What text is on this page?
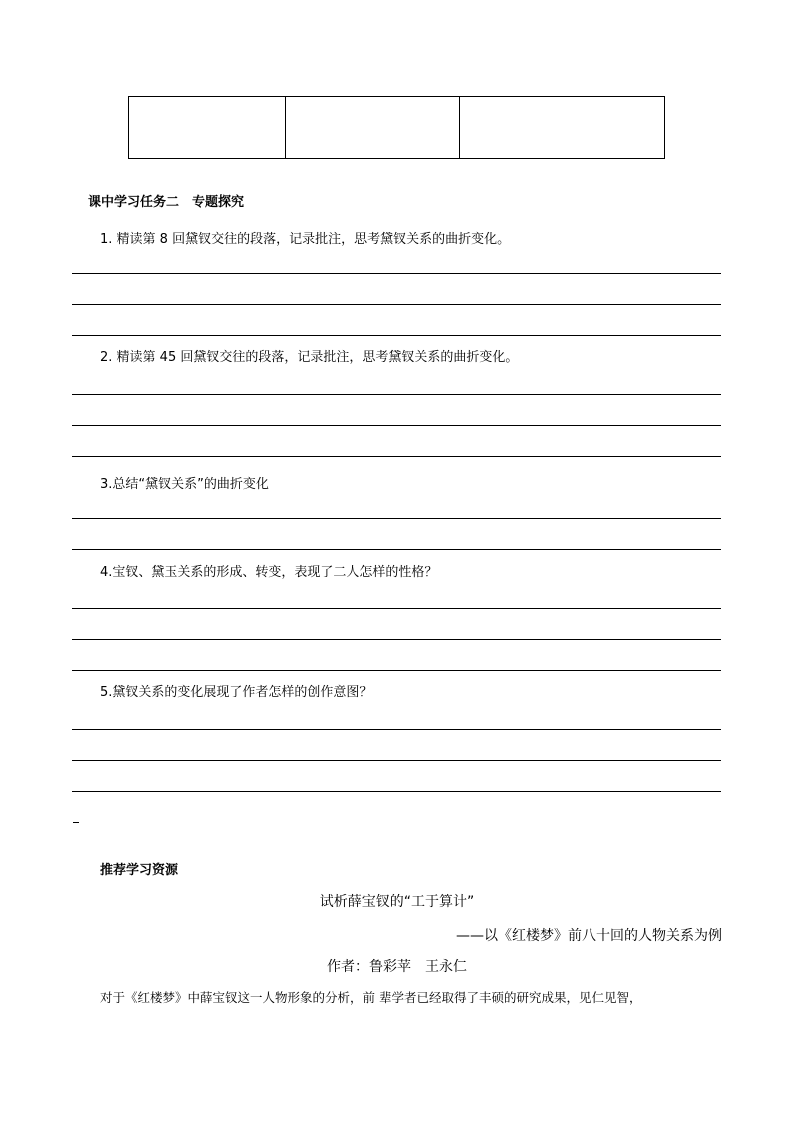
课中学习任务二　专题探究
1. 精读第 8 回黛钗交往的段落，记录批注，思考黛钗关系的曲折变化。
2. 精读第 45 回黛钗交往的段落，记录批注，思考黛钗关系的曲折变化。
3.总结“黛钗关系”的曲折变化
4.宝钗、黛玉关系的形成、转变，表现了二人怎样的性格？
5.黛钗关系的变化展现了作者怎样的创作意图？
推荐学习资源
试析薛宝钗的“工于算计”
——以《红楼梦》前八十回的人物关系为例
作者：鲁彩苹　王永仁
对于《红楼梦》中薛宝钗这一人物形象的分析，前 辈学者已经取得了丰硕的研究成果，见仁见智，
